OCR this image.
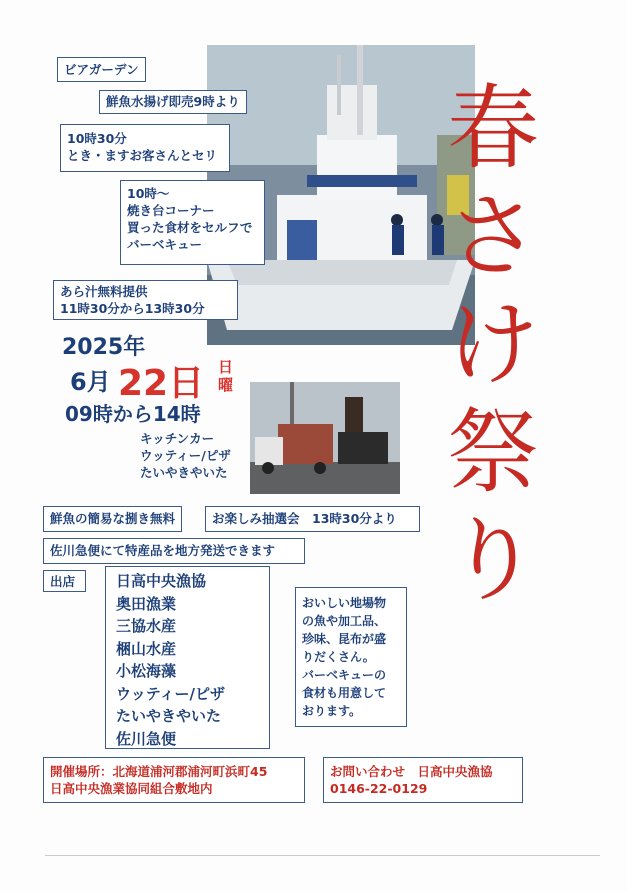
春
さ
け
祭
り
ビアガーデン
鮮魚水揚げ即売9時より
10時30分
とき・ますお客さんとセリ
10時～
焼き台コーナー
買った食材をセルフで
バーベキュー
あら汁無料提供
11時30分から13時30分
2025年
6月 22日 日曜
09時から14時
キッチンカー
ウッティー/ピザ
たいやきやいた
鮮魚の簡易な捌き無料	お楽しみ抽選会　13時30分より
佐川急便にて特産品を地方発送できます
出店	日高中央漁協
奥田漁業
三協水産
梱山水産
小松海藻
ウッティー/ピザ
たいやきやいた
佐川急便
おいしい地場物
の魚や加工品、
珍味、昆布が盛
りだくさん。
バーベキューの
食材も用意して
おります。
開催場所：北海道浦河郡浦河町浜町45
日高中央漁業協同組合敷地内
お問い合わせ　日高中央漁協
0146-22-0129
